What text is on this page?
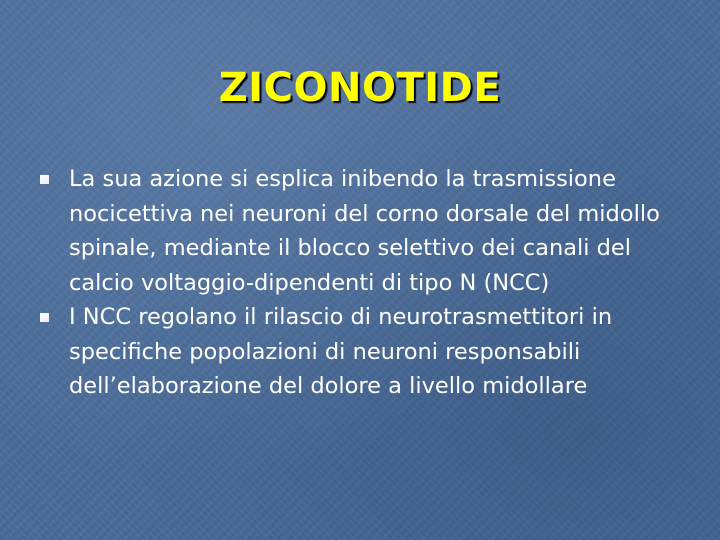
ZICONOTIDE
La sua azione si esplica inibendo la trasmissione nocicettiva nei neuroni del corno dorsale del midollo spinale, mediante il blocco selettivo dei canali del calcio voltaggio-dipendenti di tipo N (NCC)
I NCC regolano il rilascio di neurotrasmettitori in specifiche popolazioni di neuroni responsabili dell’elaborazione del dolore a livello midollare
